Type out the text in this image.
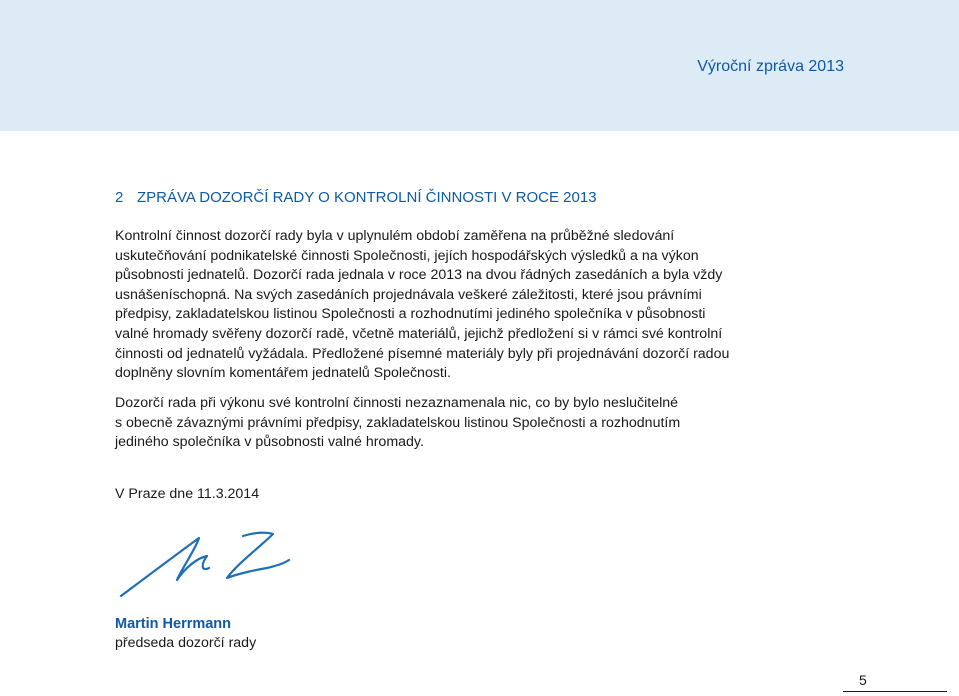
Výroční zpráva 2013
2 ZPRÁVA DOZORČÍ RADY O KONTROLNÍ ČINNOSTI V ROCE 2013

Kontrolní činnost dozorčí rady byla v uplynulém období zaměřena na průběžné sledování
uskutečňování podnikatelské činnosti Společnosti, jejích hospodářských výsledků a na výkon
působnosti jednatelů. Dozorčí rada jednala v roce 2013 na dvou řádných zasedáních a byla vždy
usnášeníschopná. Na svých zasedáních projednávala veškeré záležitosti, které jsou právními
předpisy, zakladatelskou listinou Společnosti a rozhodnutími jediného společníka v působnosti
valné hromady svěřeny dozorčí radě, včetně materiálů, jejichž předložení si v rámci své kontrolní
činnosti od jednatelů vyžádala. Předložené písemné materiály byly při projednávání dozorčí radou
doplněny slovním komentářem jednatelů Společnosti.

Dozorčí rada při výkonu své kontrolní činnosti nezaznamenala nic, co by bylo neslučitelné
s obecně závaznými právními předpisy, zakladatelskou listinou Společnosti a rozhodnutím
jediného společníka v působnosti valné hromady.

V Praze dne 11.3.2014
Martin Herrmann
předseda dozorčí rady
5
